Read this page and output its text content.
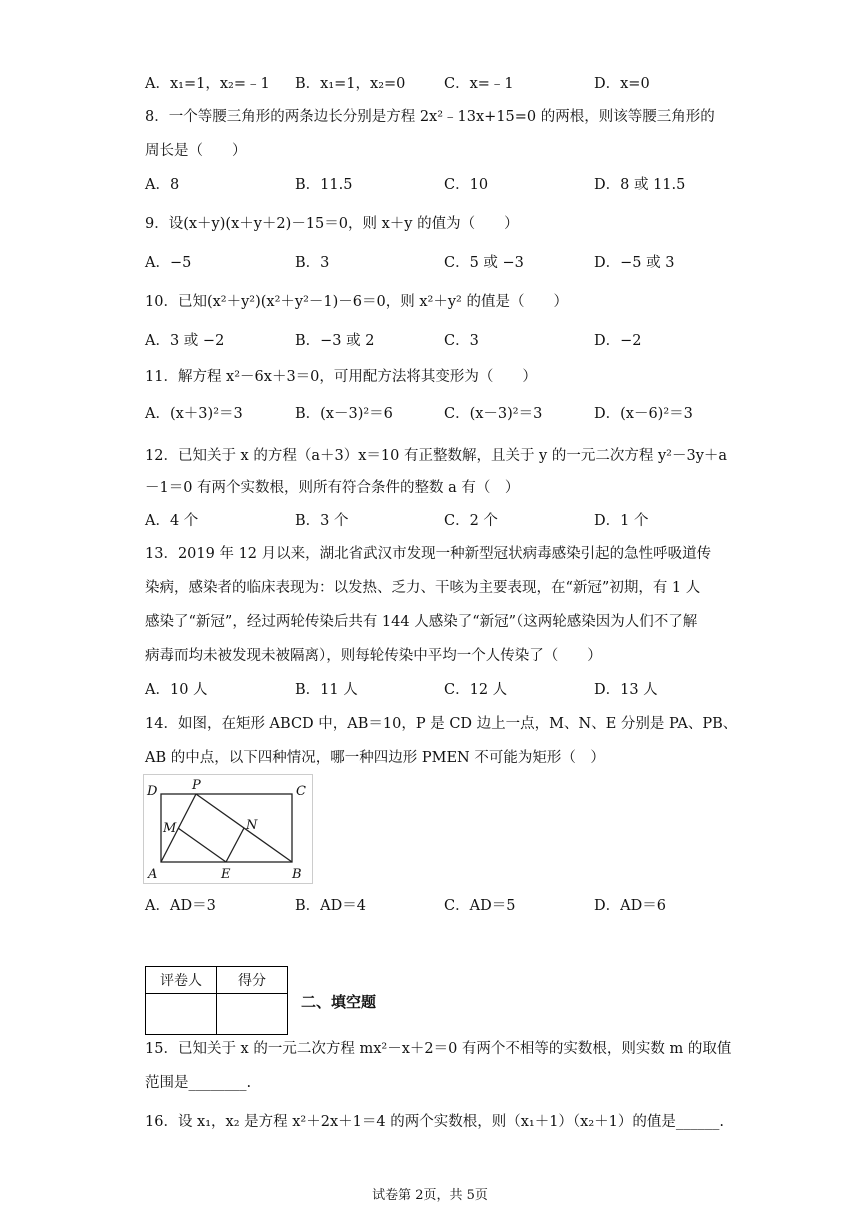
A．x₁=1，x₂=﹣1 B．x₁=1，x₂=0	C．x=﹣1	D．x=0
8．一个等腰三角形的两条边长分别是方程 2x²﹣13x+15=0 的两根，则该等腰三角形的
周长是（　　）
A．8	B．11.5	C．10	D．8 或 11.5
9．设(x＋y)(x＋y＋2)－15＝0，则 x＋y 的值为（　　）
A．−5	B．3	C．5 或 −3	D．−5 或 3
10．已知(x²＋y²)(x²＋y²－1)－6＝0，则 x²＋y² 的值是（　　）
A．3 或 −2	B．−3 或 2	C．3	D．−2
11．解方程 x²－6x＋3＝0，可用配方法将其变形为（　　）
A．(x＋3)²＝3	B．(x－3)²＝6	C．(x－3)²＝3	D．(x－6)²＝3
12．已知关于 x 的方程（a＋3）x＝10 有正整数解，且关于 y 的一元二次方程 y²－3y＋a
－1＝0 有两个实数根，则所有符合条件的整数 a 有（　）
A．4 个	B．3 个	C．2 个	D．1 个
13．2019 年 12 月以来，湖北省武汉市发现一种新型冠状病毒感染引起的急性呼吸道传
染病，感染者的临床表现为：以发热、乏力、干咳为主要表现，在“新冠”初期，有 1 人
感染了“新冠”，经过两轮传染后共有 144 人感染了“新冠”（这两轮感染因为人们不了解
病毒而均未被发现未被隔离），则每轮传染中平均一个人传染了（　　）
A．10 人	B．11 人	C．12 人	D．13 人
14．如图，在矩形 ABCD 中，AB＝10，P 是 CD 边上一点，M、N、E 分别是 PA、PB、
AB 的中点，以下四种情况，哪一种四边形 PMEN 不可能为矩形（　）
D	P	C
M	N
A	E	B
A．AD＝3	B．AD＝4	C．AD＝5	D．AD＝6
评卷人	得分

二、填空题
15．已知关于 x 的一元二次方程 mx²－x＋2＝0 有两个不相等的实数根，则实数 m 的取值
范围是________.
16．设 x₁，x₂ 是方程 x²＋2x＋1＝4 的两个实数根，则（x₁＋1）（x₂＋1）的值是______.
试卷第 2页，共 5页
